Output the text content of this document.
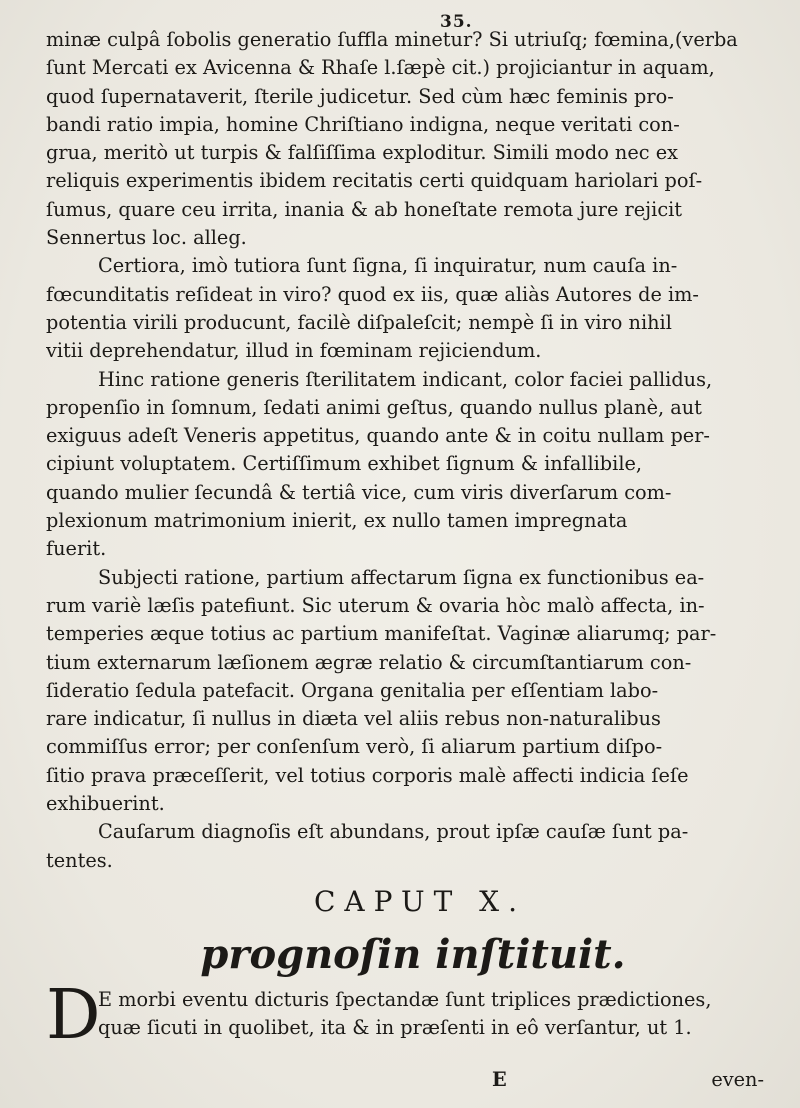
35.
minæ culpâ ſobolis generatio ſuffla minetur? Si utriuſq; fœmina,(verba
ſunt Mercati ex Avicenna & Rhaſe l.ſæpè cit.) projiciantur in aquam,
quod ſupernataverit, ſterile judicetur. Sed cùm hæc feminis pro-
bandi ratio impia, homine Chriſtiano indigna, neque veritati con-
grua, meritò ut turpis & falſiſſima exploditur. Simili modo nec ex
reliquis experimentis ibidem recitatis certi quidquam hariolari poſ-
ſumus, quare ceu irrita, inania & ab honeſtate remota jure rejicit
Sennertus loc. alleg.
Certiora, imò tutiora ſunt ſigna, ſi inquiratur, num cauſa in-
fœcunditatis reſideat in viro? quod ex iis, quæ aliàs Autores de im-
potentia virili producunt, facilè diſpaleſcit; nempè ſi in viro nihil
vitii deprehendatur, illud in fœminam rejiciendum.
Hinc ratione generis ſterilitatem indicant, color faciei pallidus,
propenſio in ſomnum, ſedati animi geſtus, quando nullus planè, aut
exiguus adeſt Veneris appetitus, quando ante & in coitu nullam per-
cipiunt voluptatem. Certiſſimum exhibet ſignum & infallibile,
quando mulier ſecundâ & tertiâ vice, cum viris diverſarum com-
plexionum matrimonium inierit, ex nullo tamen impregnata
fuerit.
Subjecti ratione, partium affectarum ſigna ex functionibus ea-
rum variè læſis patefiunt. Sic uterum & ovaria hòc malò affecta, in-
temperies æque totius ac partium manifeſtat. Vaginæ aliarumq; par-
tium externarum læſionem ægræ relatio & circumſtantiarum con-
ſideratio ſedula patefacit. Organa genitalia per eſſentiam labo-
rare indicatur, ſi nullus in diæta vel aliis rebus non-naturalibus
commiſſus error; per conſenſum verò, ſi aliarum partium diſpo-
ſitio prava præceſſerit, vel totius corporis malè affecti indicia ſeſe
exhibuerint.
Cauſarum diagnoſis eſt abundans, prout ipſæ cauſæ ſunt pa-
tentes.
CAPUT X.
prognoſin inſtituit.
D
E morbi eventu dicturis ſpectandæ ſunt triplices prædictiones,
quæ ſicuti in quolibet, ita & in præſenti in eô verſantur, ut 1.
E	even-
